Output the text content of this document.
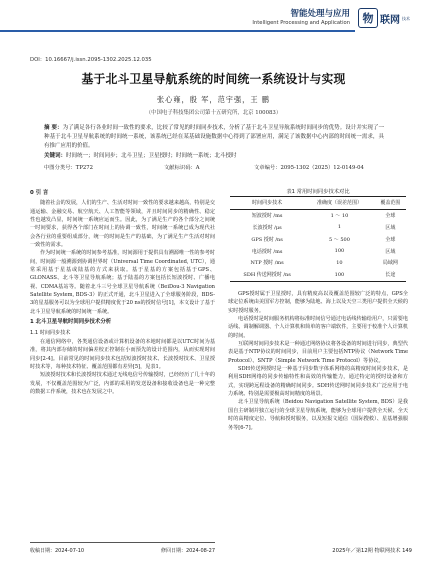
智能处理与应用
Intelligent Processing and Application	物 联网 技术
DOI：10.16667/j.issn.2095-1302.2025.12.035
基于北斗卫星导航系统的时间统一系统设计与实现
张心雍，殷 军，范宇强，王 鹏
（中国电子科技集团公司第十五研究所，北京 100083）
摘 要：为了满足各行各业时间一致性的要求，比较了常见的时间同步技术，分析了基于北斗卫星导航系统时间同步的优势。设计并实现了一种基于北斗卫星导航系统的时间统一系统，该系统已经在某基础设施数据中心得到了部署应用，满足了该数据中心内部的时间统一需求，具有推广应用的价值。
关键词：时间统一；时间同步；北斗卫星；卫星授时；时间统一系统；北斗授时
中图分类号：TP272	文献标识码：A	文章编号：2095-1302（2025）12-0149-04

0 引 言

随着社会的发展，人们的生产、生活对时间一致性的要求越来越高，特别是交通运输、金融交易、航空航天、人工智能等领域，并且时间同步的精确性、稳定性也越发凸显，时间统一系统应运而生。因此，为了满足生产的各个部分之间统一时间要求，获得各个部门在时间上的协调一致性，时间统一系统已成为现代社会各行业的重要组成部分，统一的时间是生产的基础，为了满足生产生活对时间一致性的需求。

作为时间统一系统的时间参考基准，时间源用于提供具有溯源唯一性的参考时间，时间源一般溯源到协调世界时（Universal Time Coordinated, UTC），通常采用基于星基或陆基的方式来获取。基于星基的方案包括基于GPS、GLONASS、北斗等卫星导航系统；基于陆基的方案包括长短波授时、广播电视、CDMA基站等。随着北斗三号全球卫星导航系统（BeiDou-3 Navigation Satellite System, BDS-3）的正式开通，北斗卫星进入了全球服务阶段，BDS-3的星基服务可以为全球用户提供精度优于20 ns的授时信号[1]，本文设计了基于北斗卫星导航系统的时间统一系统。

1 北斗卫星导航时间同步技术分析

1.1 时间同步技术

在通信网络中，各类通信设备或计算机设备的本地时间都是以UTC时间为基准，将其内部存储的时间偏差校正控制在小而预先的设计范围内，从而实现时间同步[2-4]。目前常见的时间同步技术包括短波授时技术、长波授时技术、卫星授时技术等，每种技术特征、覆盖范围都有差异[5]，见表1。

短波授时技术和长波授时技术通过无线电信号传输授时，已经经历了几十年的发展，不仅覆盖范围较为广泛，内部的采用的发送设备和接收设备也是一种完整的数据工作系统，技术也在发展之中。

表1 常用时间同步技术对比
时间同步技术	准确度（误差范围）	覆盖范围
短波授时 /ms	1 ～ 10	全球
长波授时 /μs	1	区域
GPS 授时 /ns	5 ～ 500	全球
电话授时 /ms	100	区域
NTP 授时 /ms	10	局域网
SDH 传送网授时 /ns	100	长途

GPS授时属于卫星授时，具有精度高以及覆盖范围较广泛的特点，GPS全球定位系统由美国军方控制，能够为陆地、海上以及天空三类用户提供全天候的实时授时服务。

电话授时是时间服务机构将标准时间信号通过电话线传输给用户，只需要电话线、调制解调器、个人计算机和简单的客户端软件，主要用于校准个人计算机的时间。

互联网时间同步技术是一种通过网络协议将各设备的时间进行同步，典型代表是基于NTP协议的时间同步，目前用户主要包括NTP协议（Network Time Protocol）、SNTP（Simple Network Time Protocol）等协议。

SDH传送网授时是一种基于同步数字体系网络的高精度时间同步技术，是利用SDH网络的同步传输特性和高效的传输能力，通过特定的授时设备和方式，实现跨远程设备的精确时间同步。SDH传送网时间同步技术广泛应用于电力系统、特别是需要极高时间精度的场景。

北斗卫星导航系统（Beidou Navigation Satellite System, BDS）是我国自主研制并独立运行的全球卫星导航系统，能够为全球用户提供全天候、全天时的高精度定位、导航和授时服务，以及短报文通信（国际搜救）、星基增强服务等[6-7]。

收稿日期：2024-07-10	修回日期：2024-08-27	2025年／第12期 物联网技术 149
